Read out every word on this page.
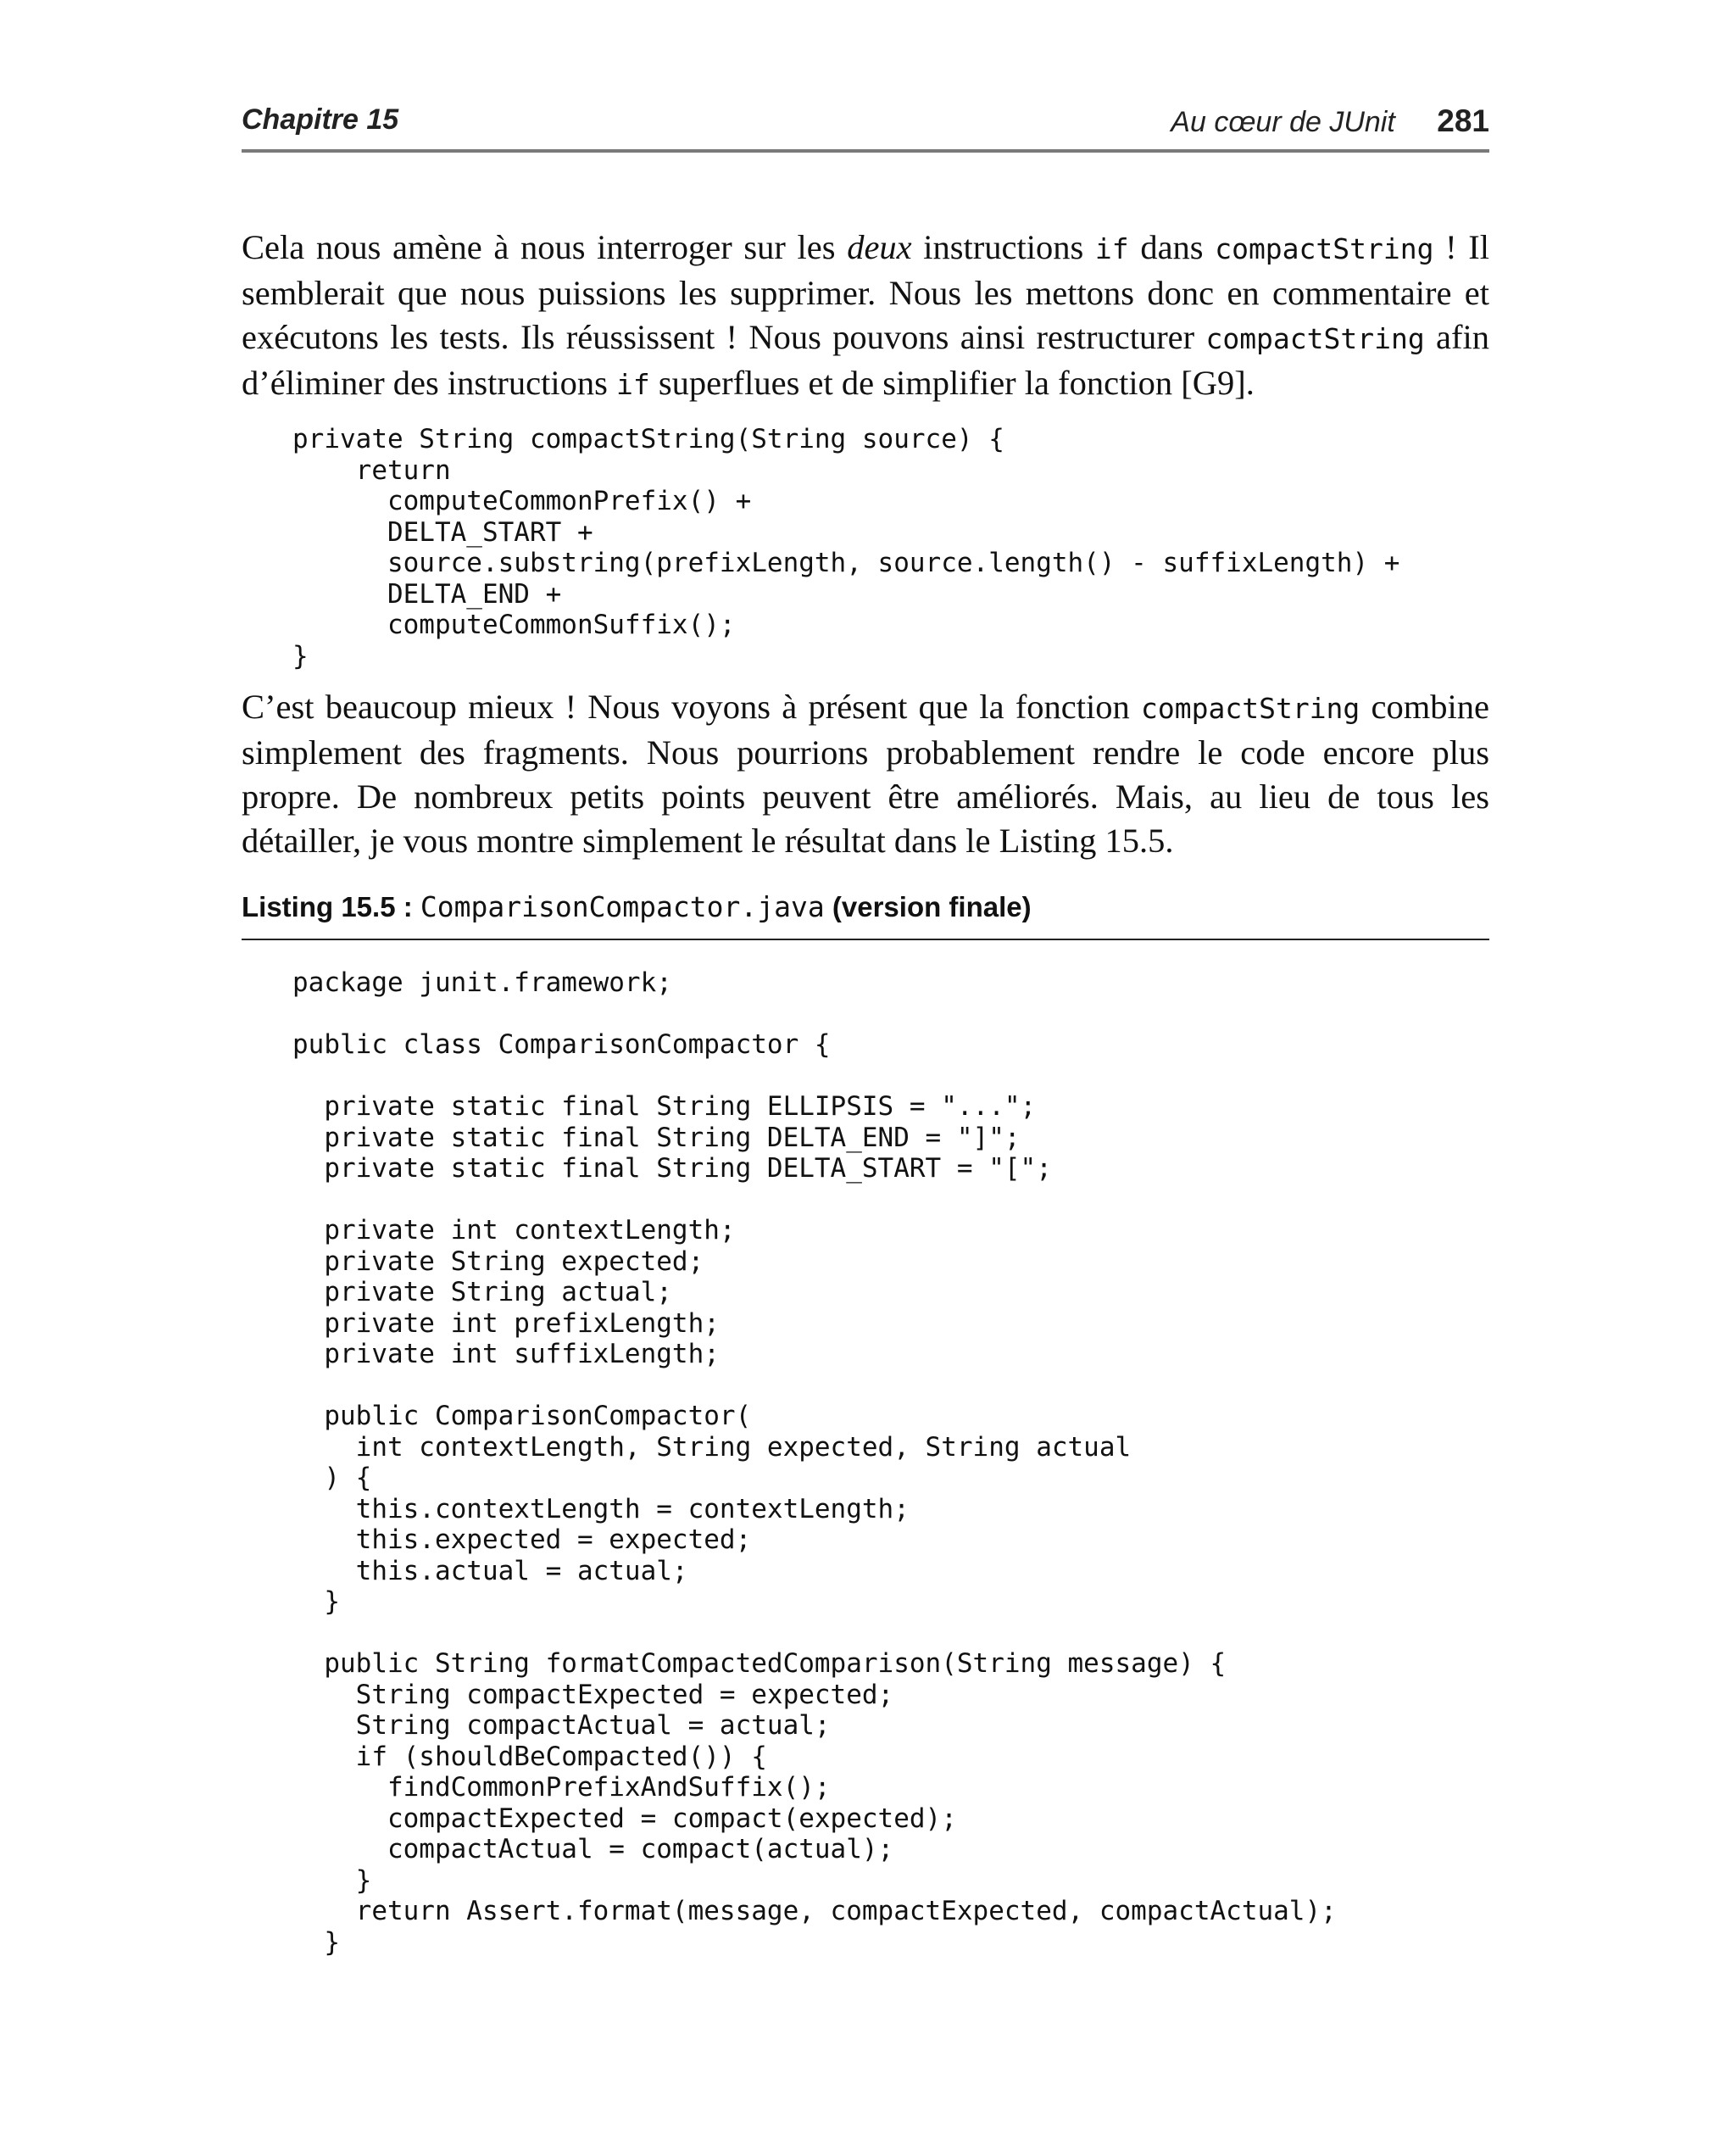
Chapitre 15	Au cœur de JUnit 281
Cela nous amène à nous interroger sur les deux instructions if dans compactString ! Il semblerait que nous puissions les supprimer. Nous les mettons donc en commentaire et exécutons les tests. Ils réussissent ! Nous pouvons ainsi restructurer compactString afin d’éliminer des instructions if superflues et de simplifier la fonction [G9].
private String compactString(String source) {
return
computeCommonPrefix() +
DELTA_START +
source.substring(prefixLength, source.length() - suffixLength) +
DELTA_END +
computeCommonSuffix();
}
C’est beaucoup mieux ! Nous voyons à présent que la fonction compactString combine simplement des fragments. Nous pourrions probablement rendre le code encore plus propre. De nombreux petits points peuvent être améliorés. Mais, au lieu de tous les détailler, je vous montre simplement le résultat dans le Listing 15.5.
Listing 15.5 : ComparisonCompactor.java (version finale)
package junit.framework;

public class ComparisonCompactor {

private static final String ELLIPSIS = "...";
private static final String DELTA_END = "]";
private static final String DELTA_START = "[";

private int contextLength;
private String expected;
private String actual;
private int prefixLength;
private int suffixLength;

public ComparisonCompactor(
int contextLength, String expected, String actual
) {
this.contextLength = contextLength;
this.expected = expected;
this.actual = actual;
}

public String formatCompactedComparison(String message) {
String compactExpected = expected;
String compactActual = actual;
if (shouldBeCompacted()) {
findCommonPrefixAndSuffix();
compactExpected = compact(expected);
compactActual = compact(actual);
}
return Assert.format(message, compactExpected, compactActual);
}
